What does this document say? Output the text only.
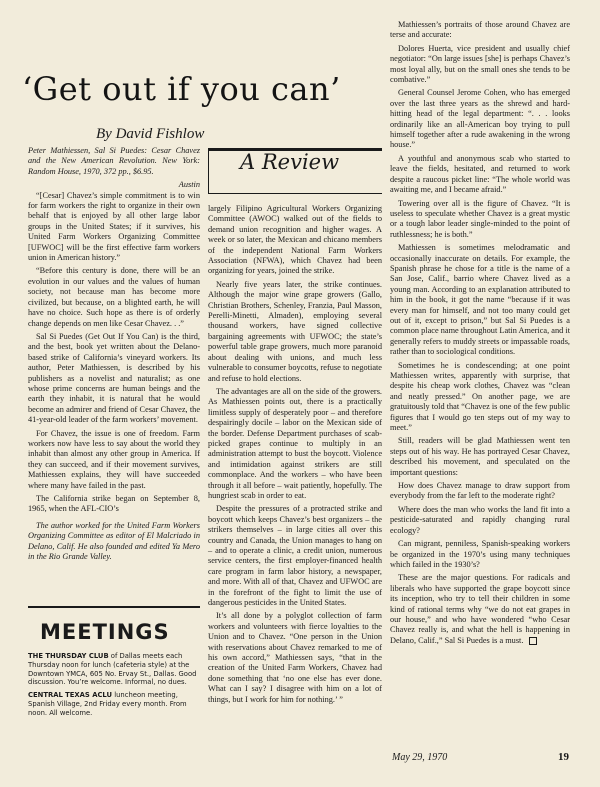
‘Get out if you can’
By David Fishlow

Peter Mathiessen, Sal Si Puedes: Cesar Chavez and the New American Revolution. New York: Random House, 1970, 372 pp., $6.95.

Austin

“[Cesar] Chavez’s simple commitment is to win for farm workers the right to organize in their own behalf that is enjoyed by all other large labor groups in the United States; if it survives, his United Farm Workers Organizing Committee [UFWOC] will be the first effective farm workers union in American history.”

“Before this century is done, there will be an evolution in our values and the values of human society, not because man has become more civilized, but because, on a blighted earth, he will have no choice. Such hope as there is of orderly change depends on men like Cesar Chavez. . .”

Sal Si Puedes (Get Out If You Can) is the third, and the best, book yet written about the Delano-based strike of California’s vineyard workers. Its author, Peter Mathiessen, is described by his publishers as a novelist and naturalist; as one whose prime concerns are human beings and the earth they inhabit, it is natural that he would become an admirer and friend of Cesar Chavez, the 41-year-old leader of the farm workers’ movement.

For Chavez, the issue is one of freedom. Farm workers now have less to say about the world they inhabit than almost any other group in America. If they can succeed, and if their movement survives, Mathiessen explains, they will have succeeded where many have failed in the past.

The California strike began on September 8, 1965, when the AFL-CIO’s

The author worked for the United Farm Workers Organizing Committee as editor of El Malcriado in Delano, Calif. He also founded and edited Ya Mero in the Rio Grande Valley.

A Review

largely Filipino Agricultural Workers Organizing Committee (AWOC) walked out of the fields to demand union recognition and higher wages. A week or so later, the Mexican and chicano members of the independent National Farm Workers Association (NFWA), which Chavez had been organizing for years, joined the strike.

Nearly five years later, the strike continues. Although the major wine grape growers (Gallo, Christian Brothers, Schenley, Franzia, Paul Masson, Perelli-Minetti, Almaden), employing several thousand workers, have signed collective bargaining agreements with UFWOC; the state’s powerful table grape growers, much more paranoid about dealing with unions, and much less vulnerable to consumer boycotts, refuse to negotiate and refuse to hold elections.

The advantages are all on the side of the growers. As Mathiessen points out, there is a practically limitless supply of desperately poor – and therefore despairingly docile – labor on the Mexican side of the border. Defense Department purchases of scab-picked grapes continue to multiply in an administration attempt to bust the boycott. Violence and intimidation against strikers are still commonplace. And the workers – who have been through it all before – wait patiently, hopefully. The hungriest scab in order to eat.

Despite the pressures of a protracted strike and boycott which keeps Chavez’s best organizers – the strikers themselves – in large cities all over this country and Canada, the Union manages to hang on – and to operate a clinic, a credit union, numerous service centers, the first employer-financed health care program in farm labor history, a newspaper, and more. With all of that, Chavez and UFWOC are in the forefront of the fight to limit the use of dangerous pesticides in the United States.

It’s all done by a polyglot collection of farm workers and volunteers with fierce loyalties to the Union and to Chavez. “One person in the Union with reservations about Chavez remarked to me of his own accord,” Mathiessen says, “that in the creation of the United Farm Workers, Chavez had done something that ‘no one else has ever done. What can I say? I disagree with him on a lot of things, but I work for him for nothing.’ ”

Mathiessen’s portraits of those around Chavez are terse and accurate:

Dolores Huerta, vice president and usually chief negotiator: “On large issues [she] is perhaps Chavez’s most loyal ally, but on the small ones she tends to be combative.”

General Counsel Jerome Cohen, who has emerged over the last three years as the shrewd and hard-hitting head of the legal department: “. . . looks ordinarily like an all-American boy trying to pull himself together after a rude awakening in the wrong house.”

A youthful and anonymous scab who started to leave the fields, hesitated, and returned to work despite a raucous picket line: “The whole world was awaiting me, and I became afraid.”

Towering over all is the figure of Chavez. “It is useless to speculate whether Chavez is a great mystic or a tough labor leader single-minded to the point of ruthlessness; he is both.”

Mathiessen is sometimes melodramatic and occasionally inaccurate on details. For example, the Spanish phrase he chose for a title is the name of a San Jose, Calif., barrio where Chavez lived as a young man. According to an explanation attributed to him in the book, it got the name “because if it was every man for himself, and not too many could get out of it, except to prison,” but Sal Si Puedes is a common place name throughout Latin America, and it generally refers to muddy streets or impassable roads, rather than to sociological conditions.

Sometimes he is condescending; at one point Mathiessen writes, apparently with surprise, that despite his cheap work clothes, Chavez was “clean and neatly pressed.” On another page, we are gratuitously told that “Chavez is one of the few public figures that I would go ten steps out of my way to meet.”

Still, readers will be glad Mathiessen went ten steps out of his way. He has portrayed Cesar Chavez, described his movement, and speculated on the important questions:

How does Chavez manage to draw support from everybody from the far left to the moderate right?

Where does the man who works the land fit into a pesticide-saturated and rapidly changing rural ecology?

Can migrant, penniless, Spanish-speaking workers be organized in the 1970’s using many techniques which failed in the 1930’s?

These are the major questions. For radicals and liberals who have supported the grape boycott since its inception, who try to tell their children in some kind of rational terms why “we do not eat grapes in our house,” and who have wondered “who Cesar Chavez really is, and what the hell is happening in Delano, Calif.,” Sal Si Puedes is a must.

MEETINGS

THE THURSDAY CLUB of Dallas meets each Thursday noon for lunch (cafeteria style) at the Downtown YMCA, 605 No. Ervay St., Dallas. Good discussion. You’re welcome. Informal, no dues.

CENTRAL TEXAS ACLU luncheon meeting, Spanish Village, 2nd Friday every month. From noon. All welcome.

May 29, 1970	19
